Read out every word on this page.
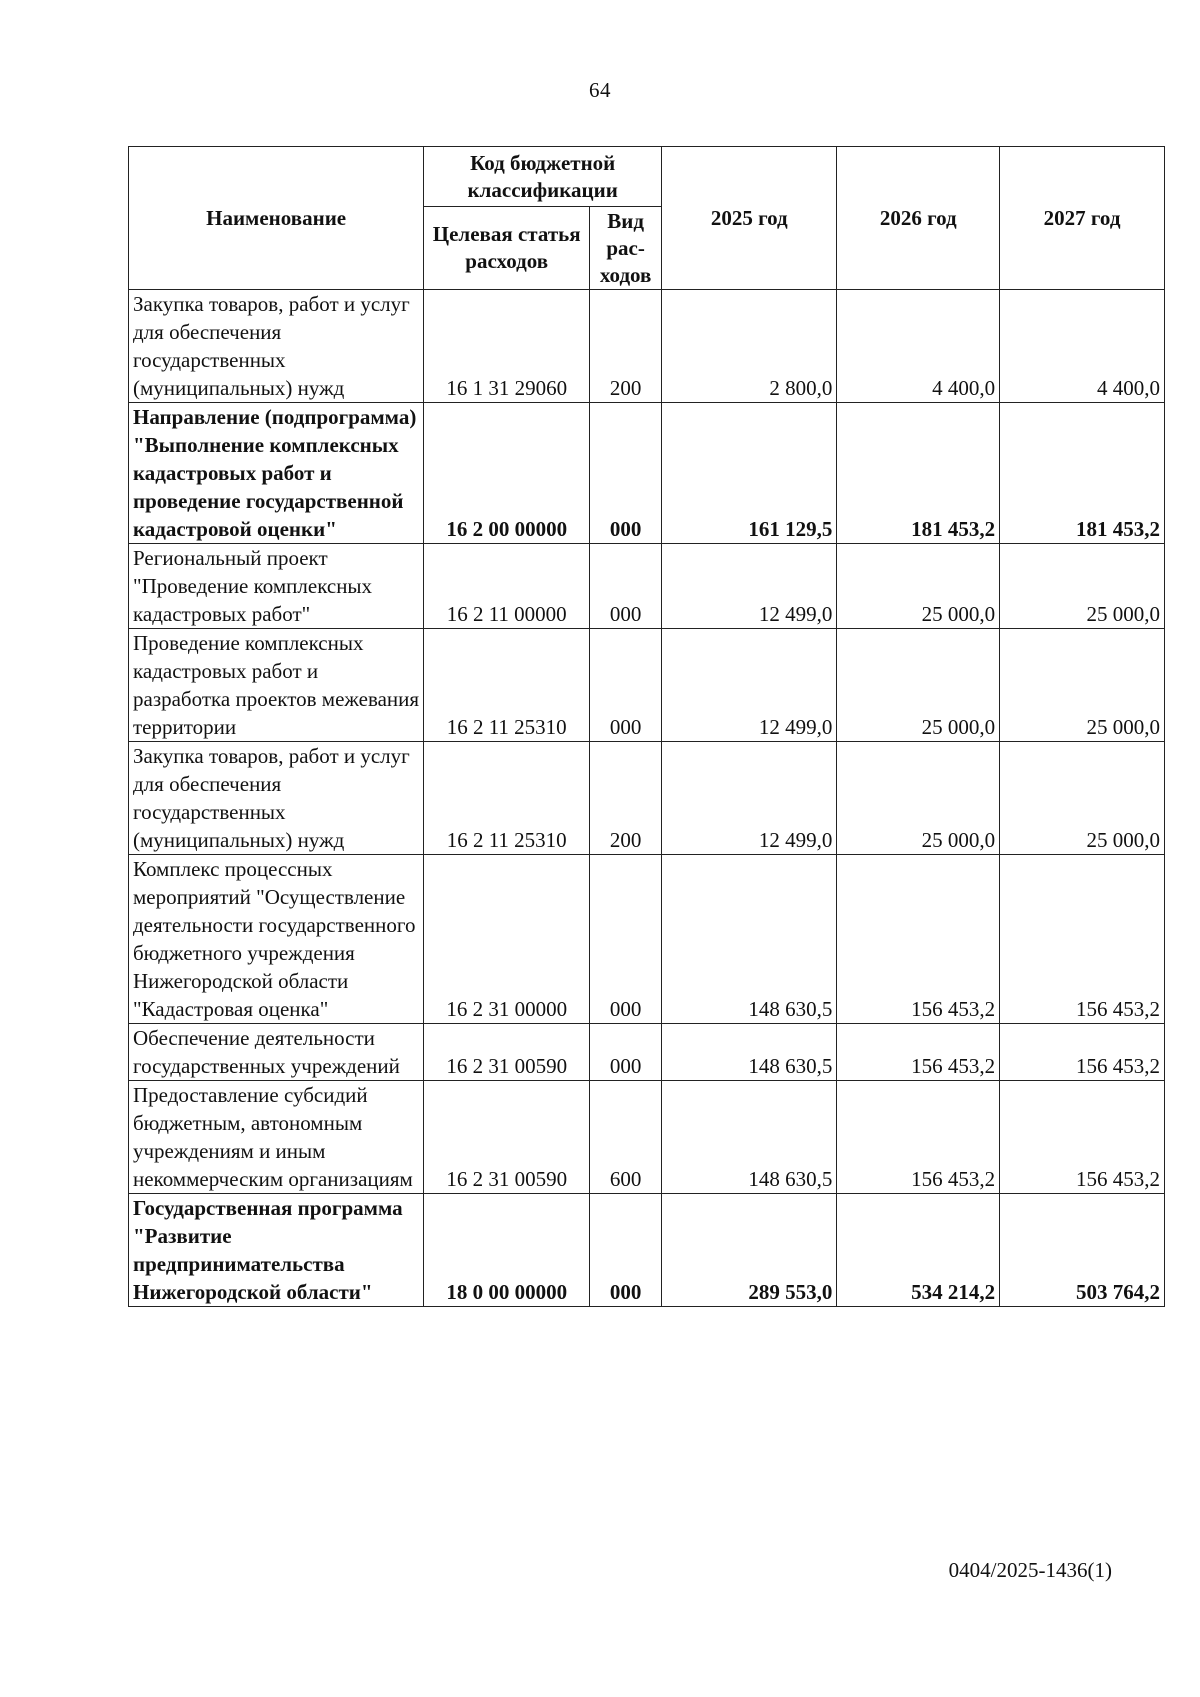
64
Наименование	Код бюджетной классификации		2025 год	2026 год	2027 год
	Целевая статья расходов	Вид рас-ходов			
Закупка товаров, работ и услуг для обеспечения государственных (муниципальных) нужд	16 1 31 29060	200	2 800,0	4 400,0	4 400,0
Направление (подпрограмма) "Выполнение комплексных кадастровых работ и проведение государственной кадастровой оценки"	16 2 00 00000	000	161 129,5	181 453,2	181 453,2
Региональный проект "Проведение комплексных кадастровых работ"	16 2 11 00000	000	12 499,0	25 000,0	25 000,0
Проведение комплексных кадастровых работ и разработка проектов межевания территории	16 2 11 25310	000	12 499,0	25 000,0	25 000,0
Закупка товаров, работ и услуг для обеспечения государственных (муниципальных) нужд	16 2 11 25310	200	12 499,0	25 000,0	25 000,0
Комплекс процессных мероприятий "Осуществление деятельности государственного бюджетного учреждения Нижегородской области "Кадастровая оценка"	16 2 31 00000	000	148 630,5	156 453,2	156 453,2
Обеспечение деятельности государственных учреждений	16 2 31 00590	000	148 630,5	156 453,2	156 453,2
Предоставление субсидий бюджетным, автономным учреждениям и иным некоммерческим организациям	16 2 31 00590	600	148 630,5	156 453,2	156 453,2
Государственная программа "Развитие предпринимательства Нижегородской области"	18 0 00 00000	000	289 553,0	534 214,2	503 764,2
0404/2025-1436(1)
